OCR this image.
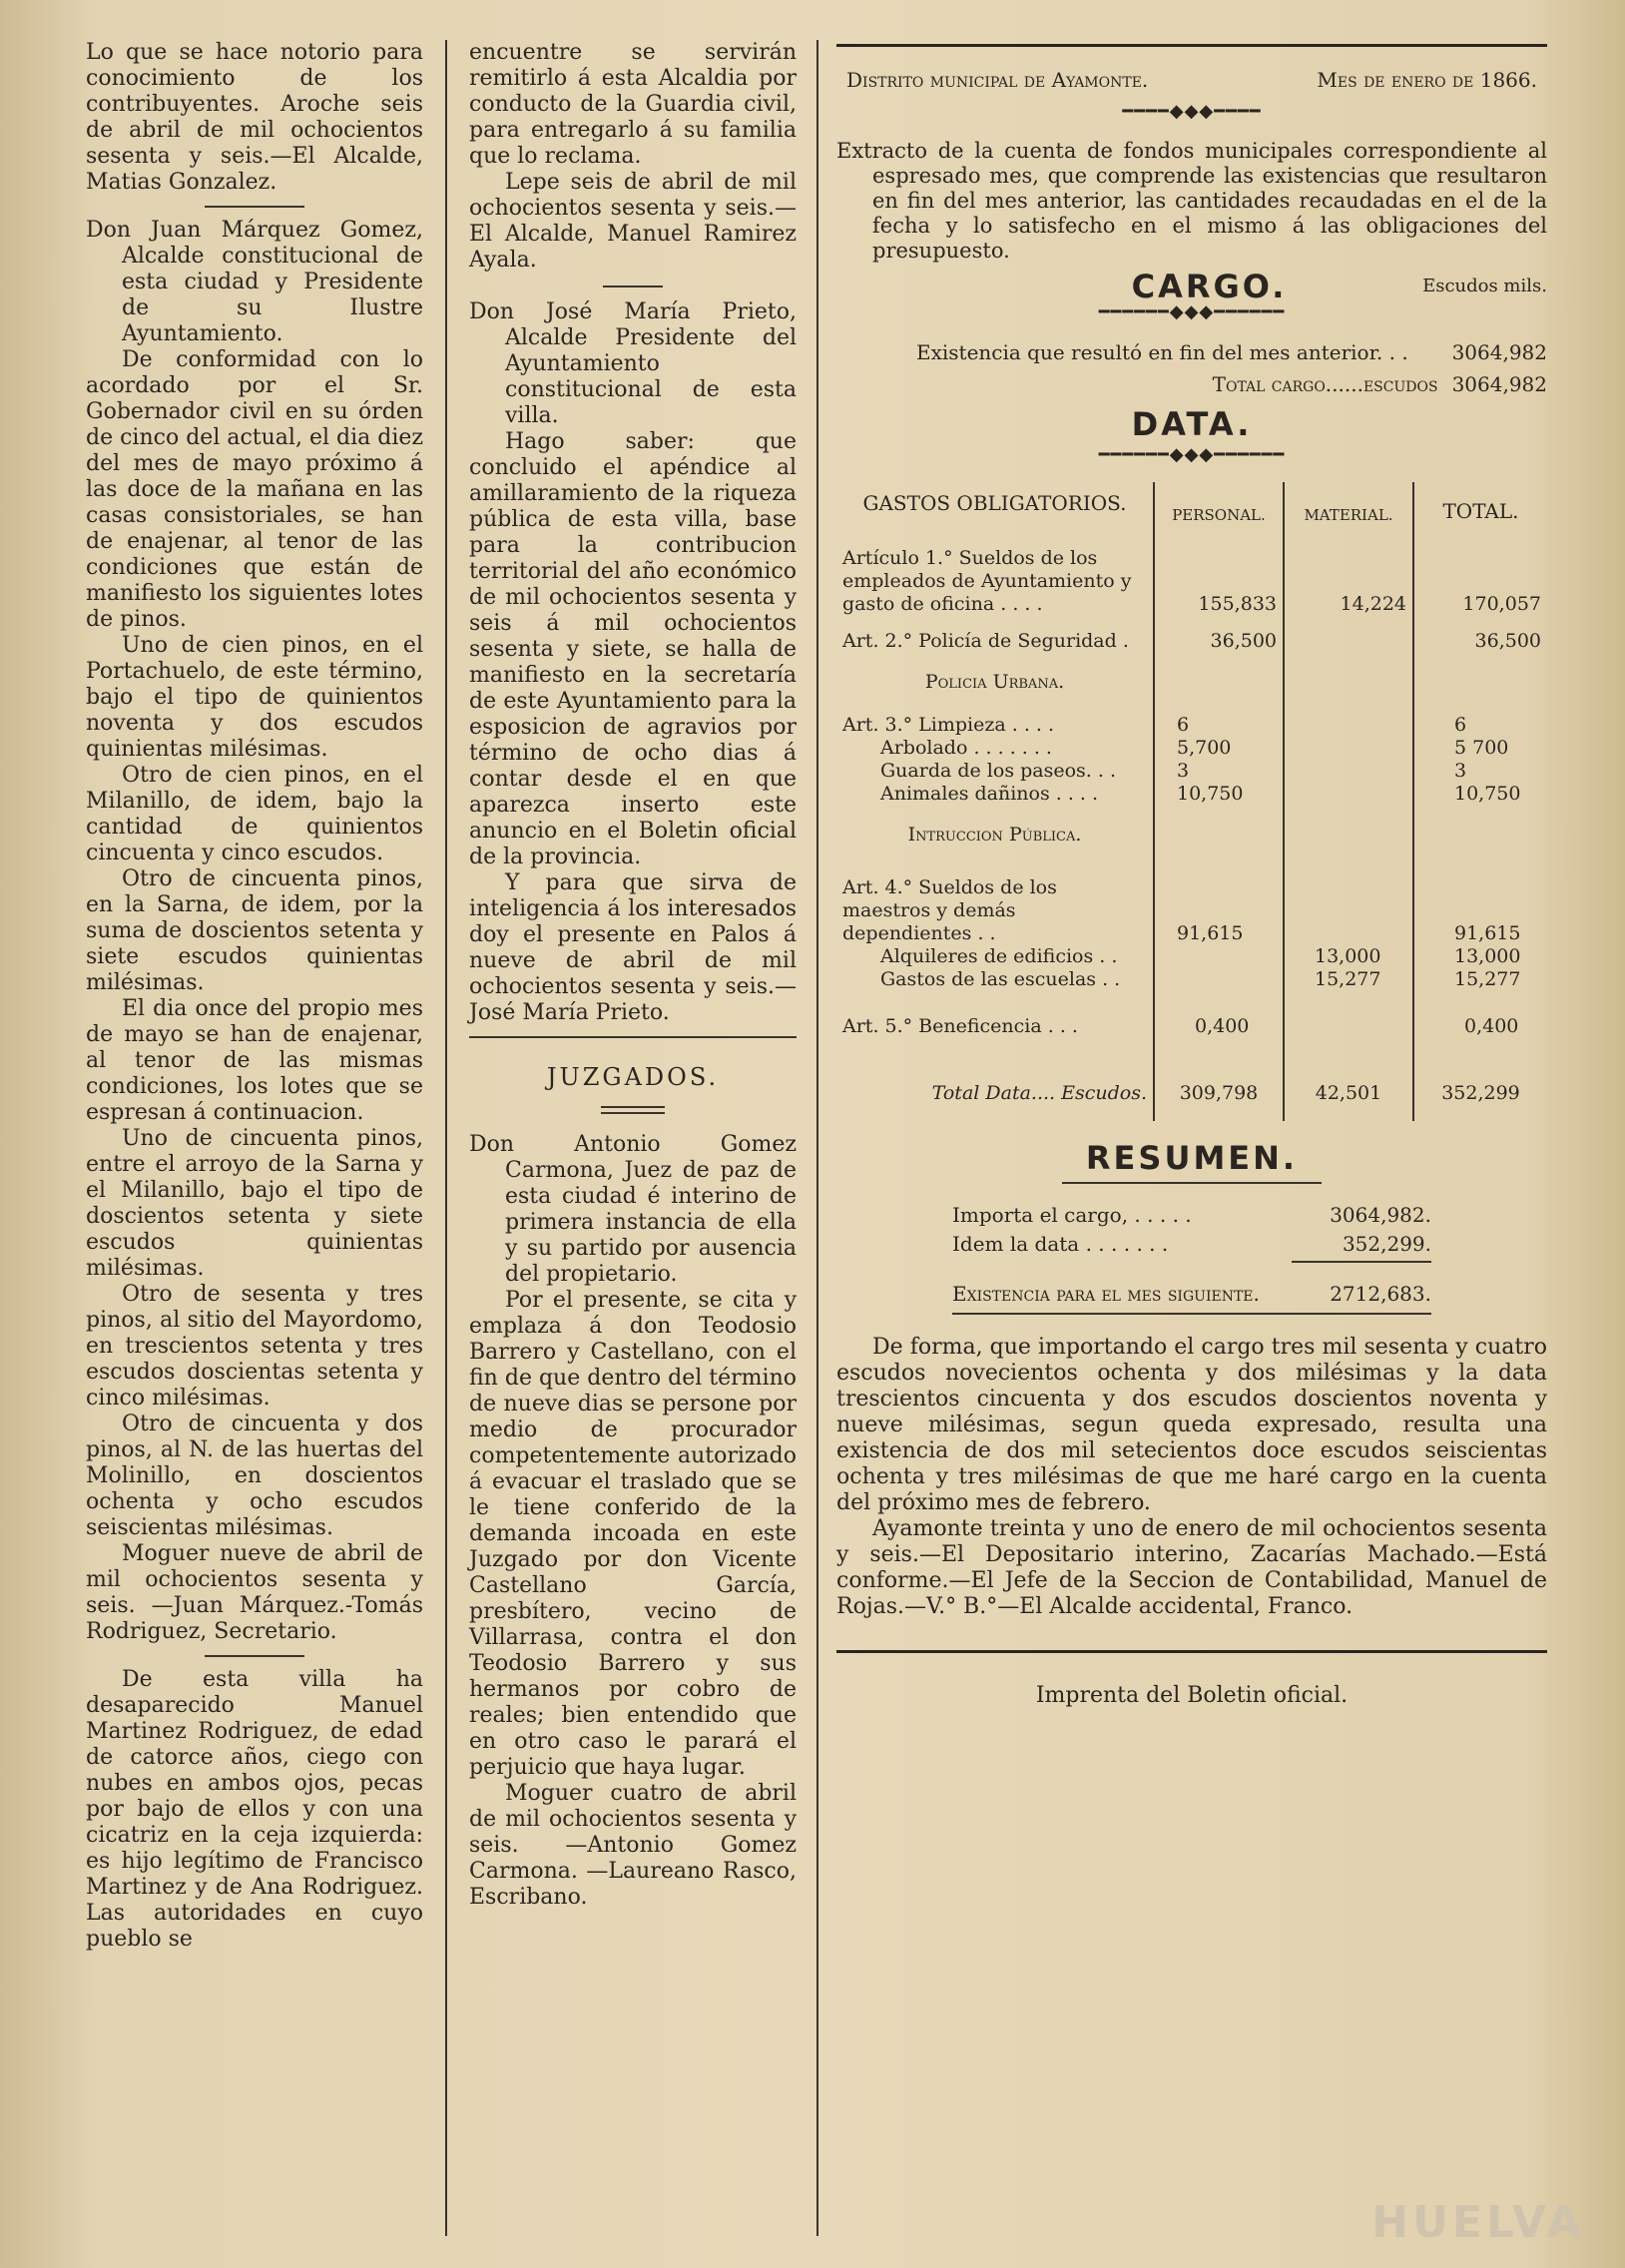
Lo que se hace notorio para conocimiento de los contribuyentes. Aroche seis de abril de mil ochocientos sesenta y seis.—El Alcalde, Matias Gonzalez.

Don Juan Márquez Gomez, Alcalde constitucional de esta ciudad y Presidente de su Ilustre Ayuntamiento.

De conformidad con lo acordado por el Sr. Gobernador civil en su órden de cinco del actual, el dia diez del mes de mayo próximo á las doce de la mañana en las casas consistoriales, se han de enajenar, al tenor de las condiciones que están de manifiesto los siguientes lotes de pinos.

Uno de cien pinos, en el Portachuelo, de este término, bajo el tipo de quinientos noventa y dos escudos quinientas milésimas.

Otro de cien pinos, en el Milanillo, de idem, bajo la cantidad de quinientos cincuenta y cinco escudos.

Otro de cincuenta pinos, en la Sarna, de idem, por la suma de doscientos setenta y siete escudos quinientas milésimas.

El dia once del propio mes de mayo se han de enajenar, al tenor de las mismas condiciones, los lotes que se espresan á continuacion.

Uno de cincuenta pinos, entre el arroyo de la Sarna y el Milanillo, bajo el tipo de doscientos setenta y siete escudos quinientas milésimas.

Otro de sesenta y tres pinos, al sitio del Mayordomo, en trescientos setenta y tres escudos doscientas setenta y cinco milésimas.

Otro de cincuenta y dos pinos, al N. de las huertas del Molinillo, en doscientos ochenta y ocho escudos seiscientas milésimas.

Moguer nueve de abril de mil ochocientos sesenta y seis. —Juan Márquez.-Tomás Rodriguez, Secretario.

De esta villa ha desaparecido Manuel Martinez Rodriguez, de edad de catorce años, ciego con nubes en ambos ojos, pecas por bajo de ellos y con una cicatriz en la ceja izquierda: es hijo legítimo de Francisco Martinez y de Ana Rodriguez. Las autoridades en cuyo pueblo se

encuentre se servirán remitirlo á esta Alcaldia por conducto de la Guardia civil, para entregarlo á su familia que lo reclama.

Lepe seis de abril de mil ochocientos sesenta y seis.—El Alcalde, Manuel Ramirez Ayala.

Don José María Prieto, Alcalde Presidente del Ayuntamiento constitucional de esta villa.

Hago saber: que concluido el apéndice al amillaramiento de la riqueza pública de esta villa, base para la contribucion territorial del año económico de mil ochocientos sesenta y seis á mil ochocientos sesenta y siete, se halla de manifiesto en la secretaría de este Ayuntamiento para la esposicion de agravios por término de ocho dias á contar desde el en que aparezca inserto este anuncio en el Boletin oficial de la provincia.

Y para que sirva de inteligencia á los interesados doy el presente en Palos á nueve de abril de mil ochocientos sesenta y seis.—José María Prieto.

JUZGADOS.

Don Antonio Gomez Carmona, Juez de paz de esta ciudad é interino de primera instancia de ella y su partido por ausencia del propietario.

Por el presente, se cita y emplaza á don Teodosio Barrero y Castellano, con el fin de que dentro del término de nueve dias se persone por medio de procurador competentemente autorizado á evacuar el traslado que se le tiene conferido de la demanda incoada en este Juzgado por don Vicente Castellano García, presbítero, vecino de Villarrasa, contra el don Teodosio Barrero y sus hermanos por cobro de reales; bien entendido que en otro caso le parará el perjuicio que haya lugar.

Moguer cuatro de abril de mil ochocientos sesenta y seis. —Antonio Gomez Carmona. —Laureano Rasco, Escribano.

Distrito municipal de Ayamonte.	Mes de enero de 1866.
━━━━◆◆◆━━━━

Extracto de la cuenta de fondos municipales correspondiente al espresado mes, que comprende las existencias que resultaron en fin del mes anterior, las cantidades recaudadas en el de la fecha y lo satisfecho en el mismo á las obligaciones del presupuesto.

CARGO.	Escudos mils.
━━━━━━◆◆◆━━━━━━
Existencia que resultó en fin del mes anterior. . . 3064,982
Total cargo......escudos 3064,982
DATA.
━━━━━━◆◆◆━━━━━━
GASTOS OBLIGATORIOS.	PERSONAL.	MATERIAL.	TOTAL.
Artículo 1.° Sueldos de los empleados de Ayuntamiento y gasto de oficina . . . .	155,833	14,224	170,057
Art. 2.° Policía de Seguridad .	36,500		36,500
Policia Urbana.			
Art. 3.° Limpieza . . . .	6		6
Arbolado . . . . . . .	5,700		5 700
Guarda de los paseos. . .	3		3
Animales dañinos . . . .	10,750		10,750
Intruccion Pública.			
Art. 4.° Sueldos de los maestros y demás dependientes . .	91,615		91,615
Alquileres de edificios . .		13,000	13,000
Gastos de las escuelas . .		15,277	15,277
Art. 5.° Beneficencia . . .	0,400		0,400
Total Data.... Escudos.	309,798	42,501	352,299
RESUMEN.
Importa el cargo, . . . . .	3064,982.
Idem la data . . . . . . .	352,299.
Existencia para el mes siguiente.	2712,683.

De forma, que importando el cargo tres mil sesenta y cuatro escudos novecientos ochenta y dos milésimas y la data trescientos cincuenta y dos escudos doscientos noventa y nueve milésimas, segun queda expresado, resulta una existencia de dos mil setecientos doce escudos seiscientas ochenta y tres milésimas de que me haré cargo en la cuenta del próximo mes de febrero.

Ayamonte treinta y uno de enero de mil ochocientos sesenta y seis.—El Depositario interino, Zacarías Machado.—Está conforme.—El Jefe de la Seccion de Contabilidad, Manuel de Rojas.—V.° B.°—El Alcalde accidental, Franco.

Imprenta del Boletin oficial.
HUELVA
